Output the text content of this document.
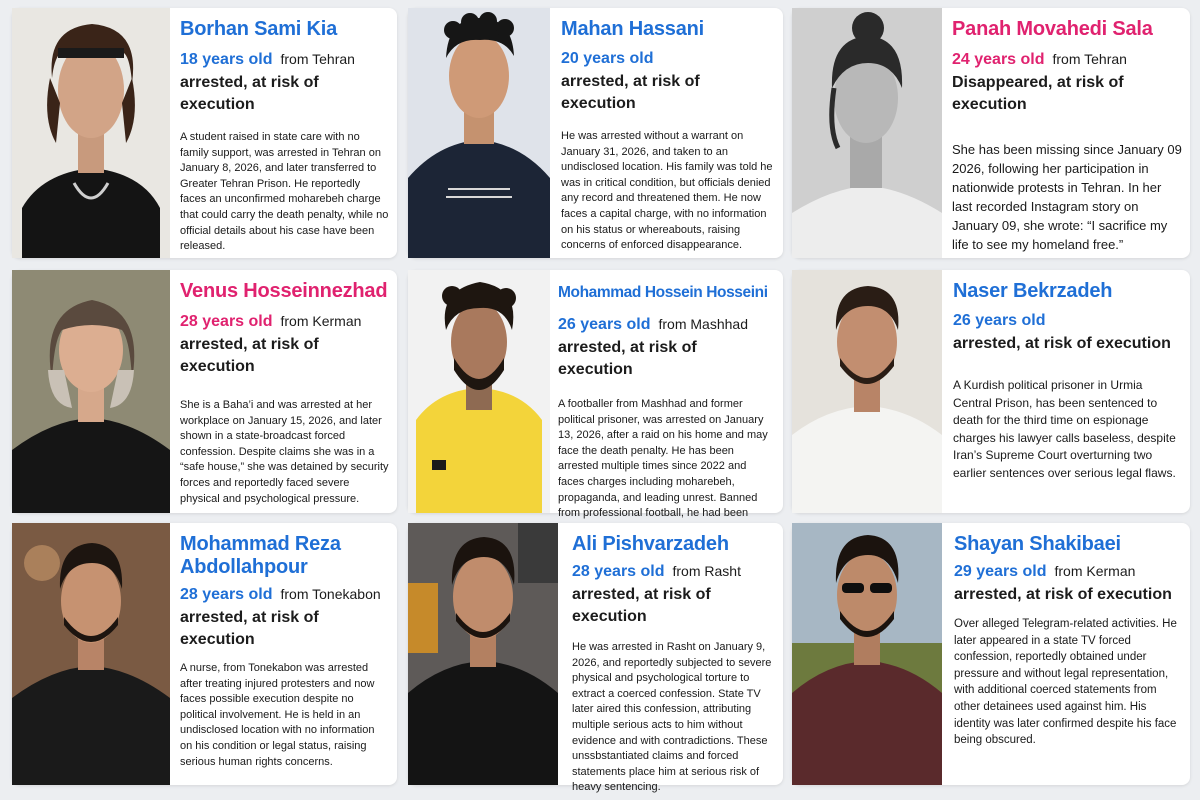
Borhan Sami Kia
18 years old from Tehran
arrested, at risk of execution
A student raised in state care with no family support, was arrested in Tehran on January 8, 2026, and later transferred to Greater Tehran Prison. He reportedly faces an unconfirmed moharebeh charge that could carry the death penalty, while no official details about his case have been released.
Mahan Hassani
20 years old
arrested, at risk of execution
He was arrested without a warrant on January 31, 2026, and taken to an undisclosed location. His family was told he was in critical condition, but officials denied any record and threatened them. He now faces a capital charge, with no information on his status or whereabouts, raising concerns of enforced disappearance.
Panah Movahedi Sala
24 years old from Tehran
Disappeared, at risk of execution
She has been missing since January 09 2026, following her participation in nationwide protests in Tehran. In her last recorded Instagram story on January 09, she wrote: “I sacrifice my life to see my homeland free.”
Venus Hosseinnezhad
28 years old from Kerman
arrested, at risk of execution
She is a Baha’i and was arrested at her workplace on January 15, 2026, and later shown in a state-broadcast forced confession. Despite claims she was in a “safe house,” she was detained by security forces and reportedly faced severe physical and psychological pressure.
Mohammad Hossein Hosseini
26 years old from Mashhad
arrested, at risk of execution
A footballer from Mashhad and former political prisoner, was arrested on January 13, 2026, after a raid on his home and may face the death penalty. He has been arrested multiple times since 2022 and faces charges including moharebeh, propaganda, and leading unrest. Banned from professional football, he had been
Naser Bekrzadeh
26 years old
arrested, at risk of execution
A Kurdish political prisoner in Urmia Central Prison, has been sentenced to death for the third time on espionage charges his lawyer calls baseless, despite Iran’s Supreme Court overturning two earlier sentences over serious legal flaws.
Mohammad Reza Abdollahpour
28 years old from Tonekabon
arrested, at risk of execution
A nurse, from Tonekabon was arrested after treating injured protesters and now faces possible execution despite no political involvement. He is held in an undisclosed location with no information on his condition or legal status, raising serious human rights concerns.
Ali Pishvarzadeh
28 years old from Rasht
arrested, at risk of execution
He was arrested in Rasht on January 9, 2026, and reportedly subjected to severe physical and psychological torture to extract a coerced confession. State TV later aired this confession, attributing multiple serious acts to him without evidence and with contradictions. These unssbstantiated claims and forced statements place him at serious risk of heavy sentencing.
Shayan Shakibaei
29 years old from Kerman
arrested, at risk of execution
Over alleged Telegram-related activities. He later appeared in a state TV forced confession, reportedly obtained under pressure and without legal representation, with additional coerced statements from other detainees used against him. His identity was later confirmed despite his face being obscured.
